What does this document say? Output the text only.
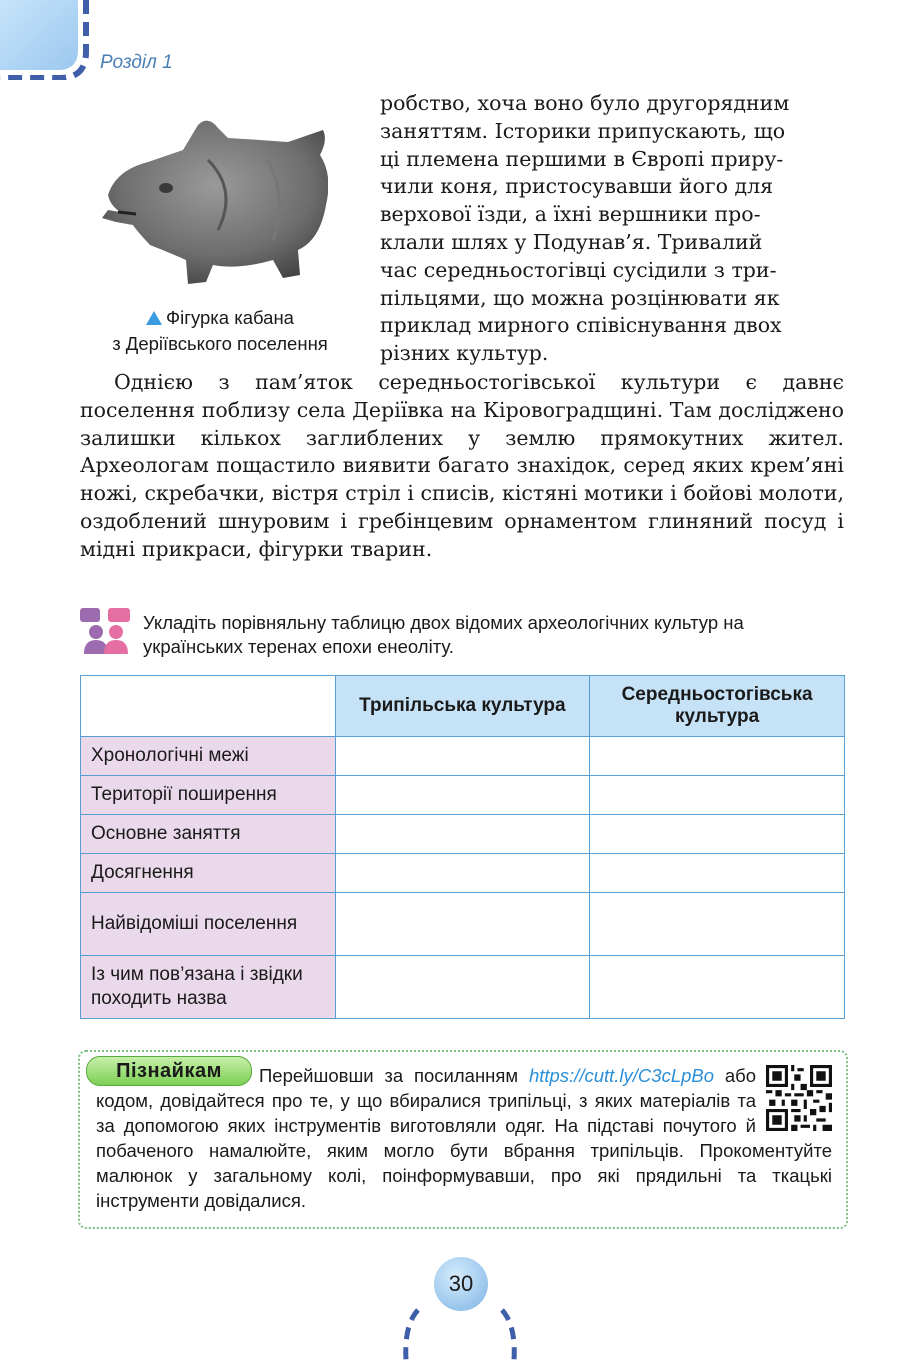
Розділ 1
Фігурка кабана
з Деріївського поселення

робство, хоча воно було другорядним

заняттям. Історики припускають, що

ці племена першими в Європі приру-

чили коня, пристосувавши його для

верхової їзди, а їхні вершники про-

клали шлях у Подунав’я. Тривалий

час середньостогівці сусідили з три-

пільцями, що можна розцінювати як

приклад мирного співіснування двох

різних культур.

Однією з пам’яток середньостогівської культури є давнє поселення поблизу села Деріївка на Кіровоградщині. Там досліджено залишки кількох заглиблених у землю прямокутних жител. Археологам пощастило виявити багато знахідок, серед яких крем’яні ножі, скребачки, вістря стріл і списів, кістяні мотики і бойові молоти, оздоблений шнуровим і гребінцевим орнаментом глиняний посуд і мідні прикраси, фігурки тварин.

Укладіть порівняльну таблицю двох відомих археологічних культур на українських теренах епохи енеоліту.
	Трипільська культура	Середньостогівська культура
Хронологічні межі		
Території поширення		
Основне заняття		
Досягнення		
Найвідоміші поселення		
Із чим пов’язана і звідки походить назва		
Пізнайкам	Перейшовши за посиланням https://cutt.ly/C3cLpBo або кодом, довідайтеся про те, у що вбиралися трипільці, з яких матеріалів та за допомогою яких інструментів виготовляли одяг. На підставі почутого й побаченого намалюйте, яким могло бути вбрання трипільців. Прокоментуйте малюнок у загальному колі, поінформувавши, про які прядильні та ткацькі інструменти довідалися.
30
